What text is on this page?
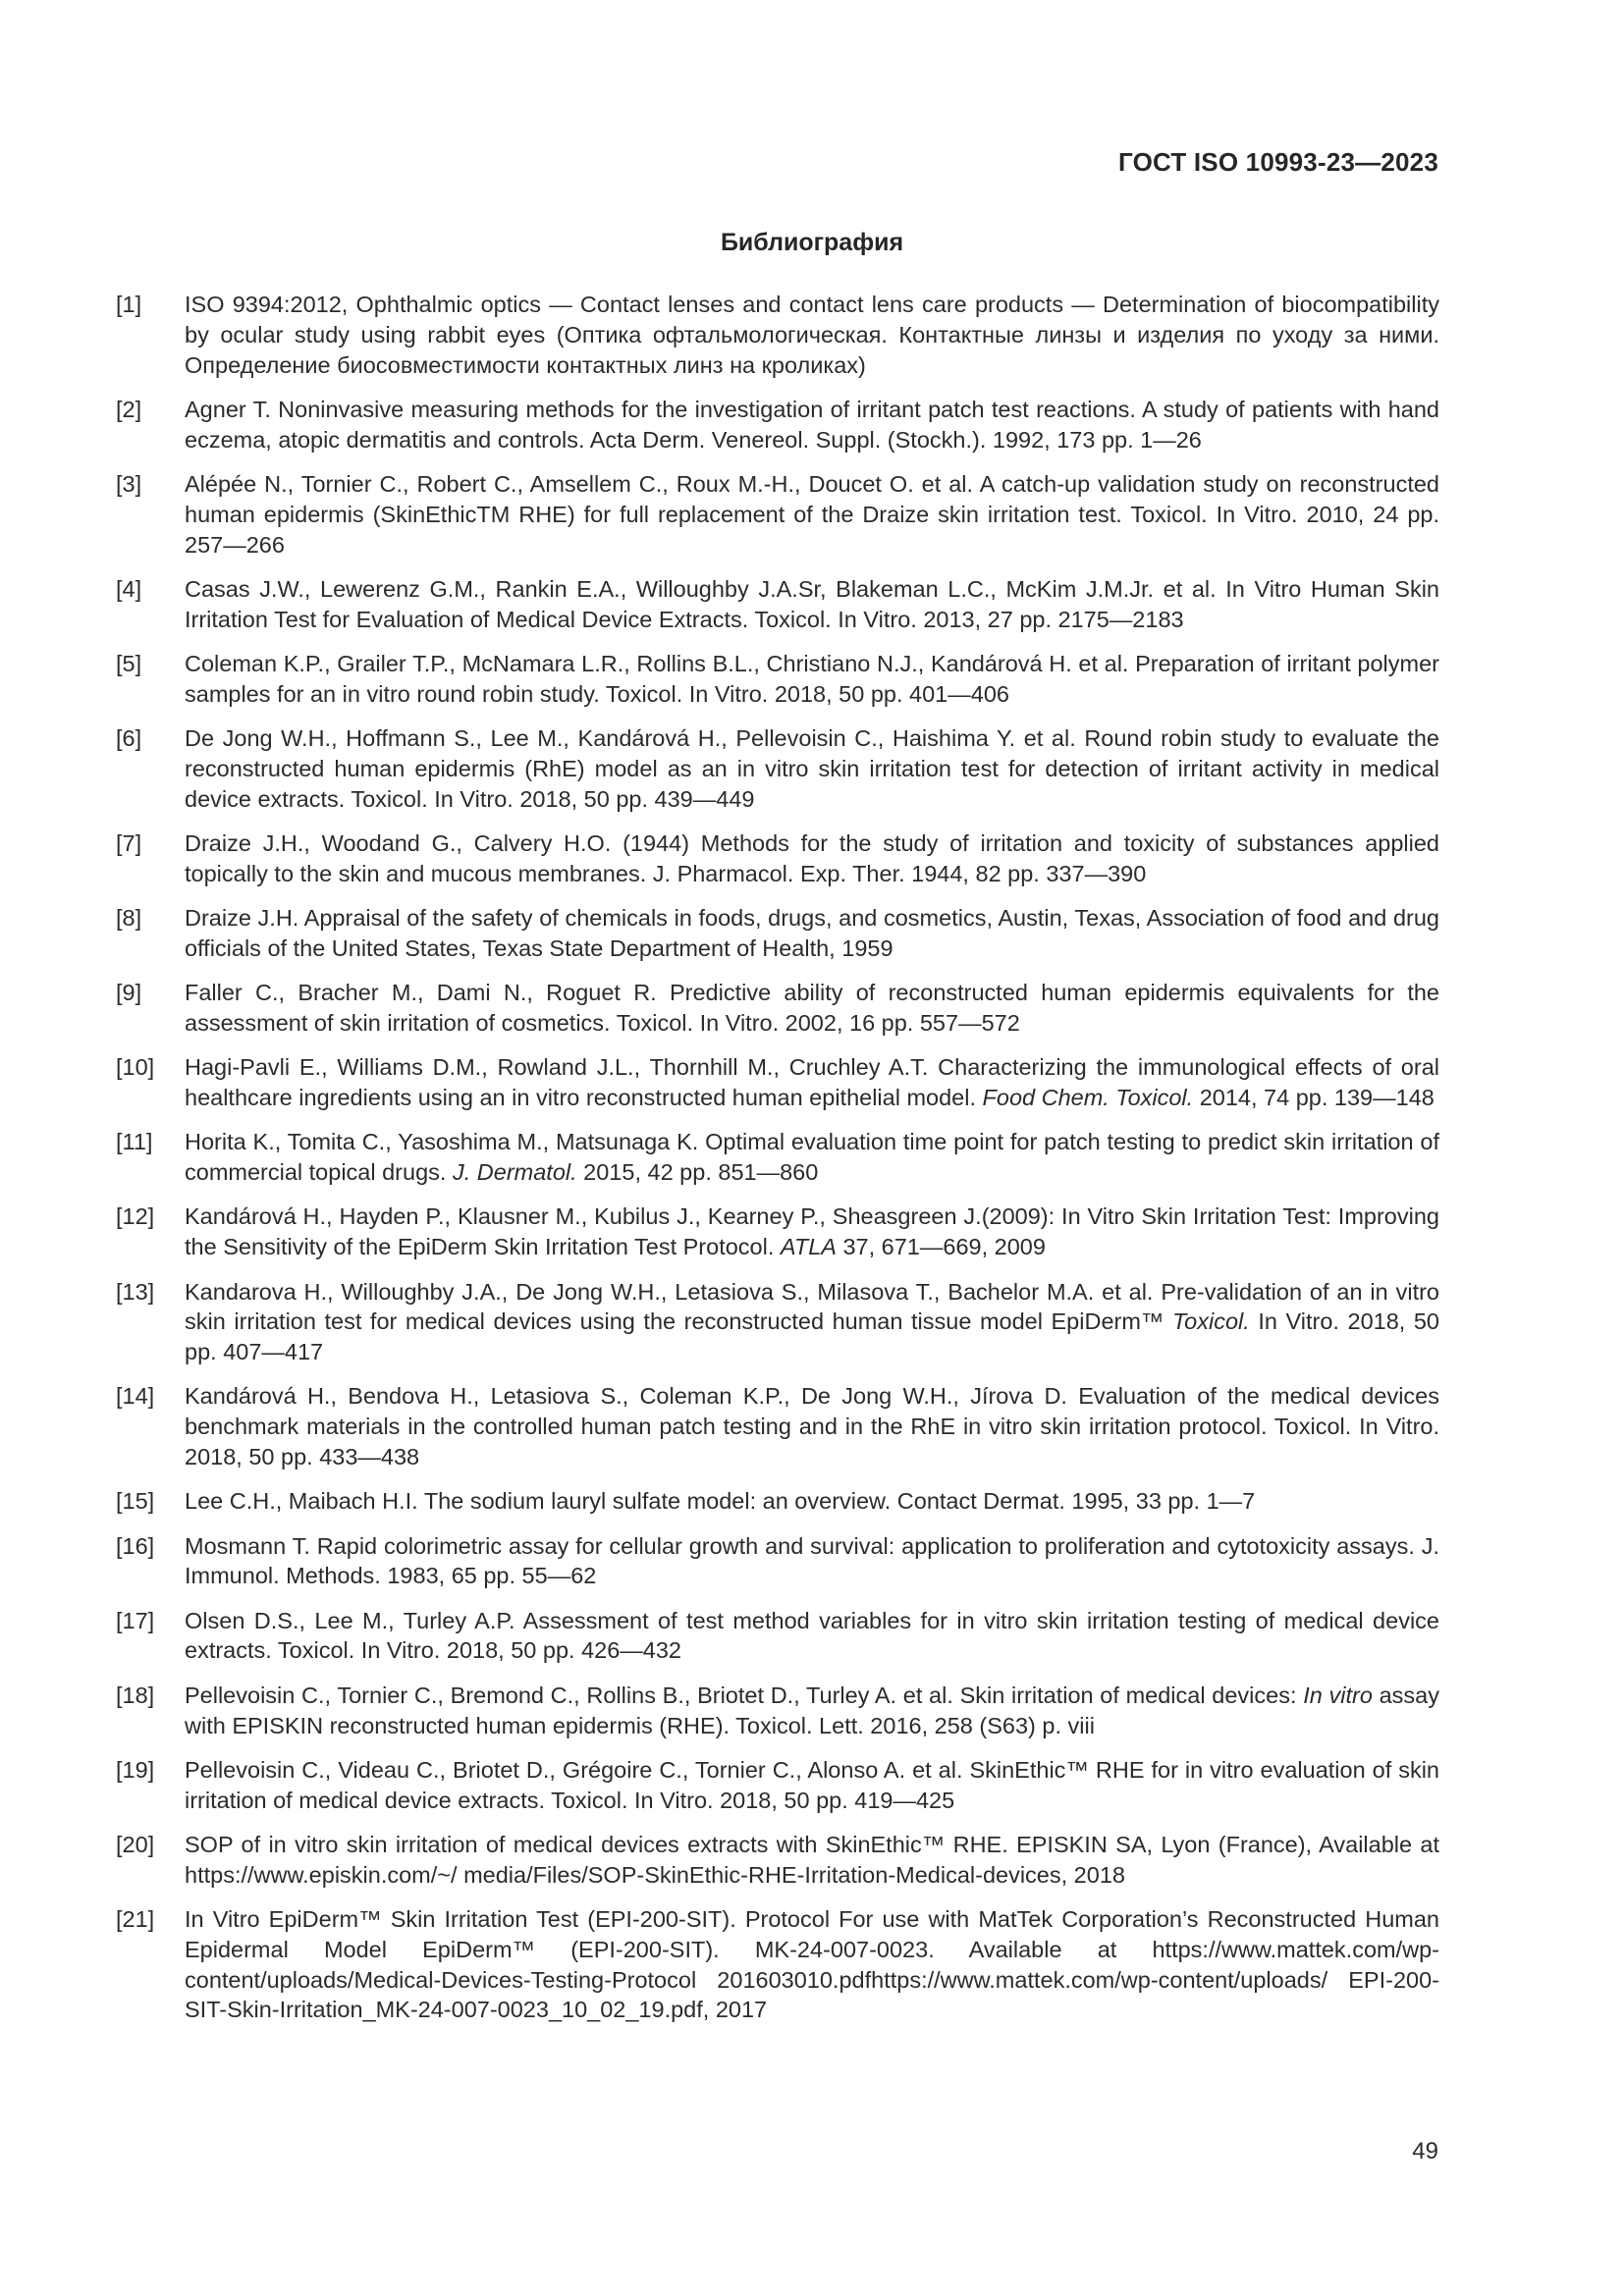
ГОСТ ISO 10993-23—2023
Библиография
[1]	ISO 9394:2012, Ophthalmic optics — Contact lenses and contact lens care products — Determination of biocompatibility by ocular study using rabbit eyes (Оптика офтальмологическая. Контактные линзы и изделия по уходу за ними. Определение биосовместимости контактных линз на кроликах)
[2]	Agner T. Noninvasive measuring methods for the investigation of irritant patch test reactions. A study of patients with hand eczema, atopic dermatitis and controls. Acta Derm. Venereol. Suppl. (Stockh.). 1992, 173 pp. 1—26
[3]	Alépée N., Tornier C., Robert C., Amsellem C., Roux M.-H., Doucet O. et al. A catch-up validation study on reconstructed human epidermis (SkinEthicTM RHE) for full replacement of the Draize skin irritation test. Toxicol. In Vitro. 2010, 24 pp. 257—266
[4]	Casas J.W., Lewerenz G.M., Rankin E.A., Willoughby J.A.Sr, Blakeman L.C., McKim J.M.Jr. et al. In Vitro Human Skin Irritation Test for Evaluation of Medical Device Extracts. Toxicol. In Vitro. 2013, 27 pp. 2175—2183
[5]	Coleman K.P., Grailer T.P., McNamara L.R., Rollins B.L., Christiano N.J., Kandárová H. et al. Preparation of irritant polymer samples for an in vitro round robin study. Toxicol. In Vitro. 2018, 50 pp. 401—406
[6]	De Jong W.H., Hoffmann S., Lee M., Kandárová H., Pellevoisin C., Haishima Y. et al. Round robin study to evaluate the reconstructed human epidermis (RhE) model as an in vitro skin irritation test for detection of irritant activity in medical device extracts. Toxicol. In Vitro. 2018, 50 pp. 439—449
[7]	Draize J.H., Woodand G., Calvery H.O. (1944) Methods for the study of irritation and toxicity of substances applied topically to the skin and mucous membranes. J. Pharmacol. Exp. Ther. 1944, 82 pp. 337—390
[8]	Draize J.H. Appraisal of the safety of chemicals in foods, drugs, and cosmetics, Austin, Texas, Association of food and drug officials of the United States, Texas State Department of Health, 1959
[9]	Faller C., Bracher M., Dami N., Roguet R. Predictive ability of reconstructed human epidermis equivalents for the assessment of skin irritation of cosmetics. Toxicol. In Vitro. 2002, 16 pp. 557—572
[10]	Hagi-Pavli E., Williams D.M., Rowland J.L., Thornhill M., Cruchley A.T. Characterizing the immunological effects of oral healthcare ingredients using an in vitro reconstructed human epithelial model. Food Chem. Toxicol. 2014, 74 pp. 139—148
[11]	Horita K., Tomita C., Yasoshima M., Matsunaga K. Optimal evaluation time point for patch testing to predict skin irritation of commercial topical drugs. J. Dermatol. 2015, 42 pp. 851—860
[12]	Kandárová H., Hayden P., Klausner M., Kubilus J., Kearney P., Sheasgreen J.(2009): In Vitro Skin Irritation Test: Improving the Sensitivity of the EpiDerm Skin Irritation Test Protocol. ATLA 37, 671—669, 2009
[13]	Kandarova H., Willoughby J.A., De Jong W.H., Letasiova S., Milasova T., Bachelor M.A. et al. Pre-validation of an in vitro skin irritation test for medical devices using the reconstructed human tissue model EpiDerm™ Toxicol. In Vitro. 2018, 50 pp. 407—417
[14]	Kandárová H., Bendova H., Letasiova S., Coleman K.P., De Jong W.H., Jírova D. Evaluation of the medical devices benchmark materials in the controlled human patch testing and in the RhE in vitro skin irritation protocol. Toxicol. In Vitro. 2018, 50 pp. 433—438
[15]	Lee C.H., Maibach H.I. The sodium lauryl sulfate model: an overview. Contact Dermat. 1995, 33 pp. 1—7
[16]	Mosmann T. Rapid colorimetric assay for cellular growth and survival: application to proliferation and cytotoxicity assays. J. Immunol. Methods. 1983, 65 pp. 55—62
[17]	Olsen D.S., Lee M., Turley A.P. Assessment of test method variables for in vitro skin irritation testing of medical device extracts. Toxicol. In Vitro. 2018, 50 pp. 426—432
[18]	Pellevoisin C., Tornier C., Bremond C., Rollins B., Briotet D., Turley A. et al. Skin irritation of medical devices: In vitro assay with EPISKIN reconstructed human epidermis (RHE). Toxicol. Lett. 2016, 258 (S63) p. viii
[19]	Pellevoisin C., Videau C., Briotet D., Grégoire C., Tornier C., Alonso A. et al. SkinEthic™ RHE for in vitro evaluation of skin irritation of medical device extracts. Toxicol. In Vitro. 2018, 50 pp. 419—425
[20]	SOP of in vitro skin irritation of medical devices extracts with SkinEthic™ RHE. EPISKIN SA, Lyon (France), Available at https://www.episkin.com/~/ media/Files/SOP-SkinEthic-RHE-Irritation-Medical-devices, 2018
[21]	In Vitro EpiDerm™ Skin Irritation Test (EPI-200-SIT). Protocol For use with MatTek Corporation’s Reconstructed Human Epidermal Model EpiDerm™ (EPI-200-SIT). MK-24-007-0023. Available at https://www.mattek.com/wp-content/uploads/Medical-Devices-Testing-Protocol 201603010.pdfhttps://www.mattek.com/wp-content/uploads/ EPI-200-SIT-Skin-Irritation_MK-24-007-0023_10_02_19.pdf, 2017
49
